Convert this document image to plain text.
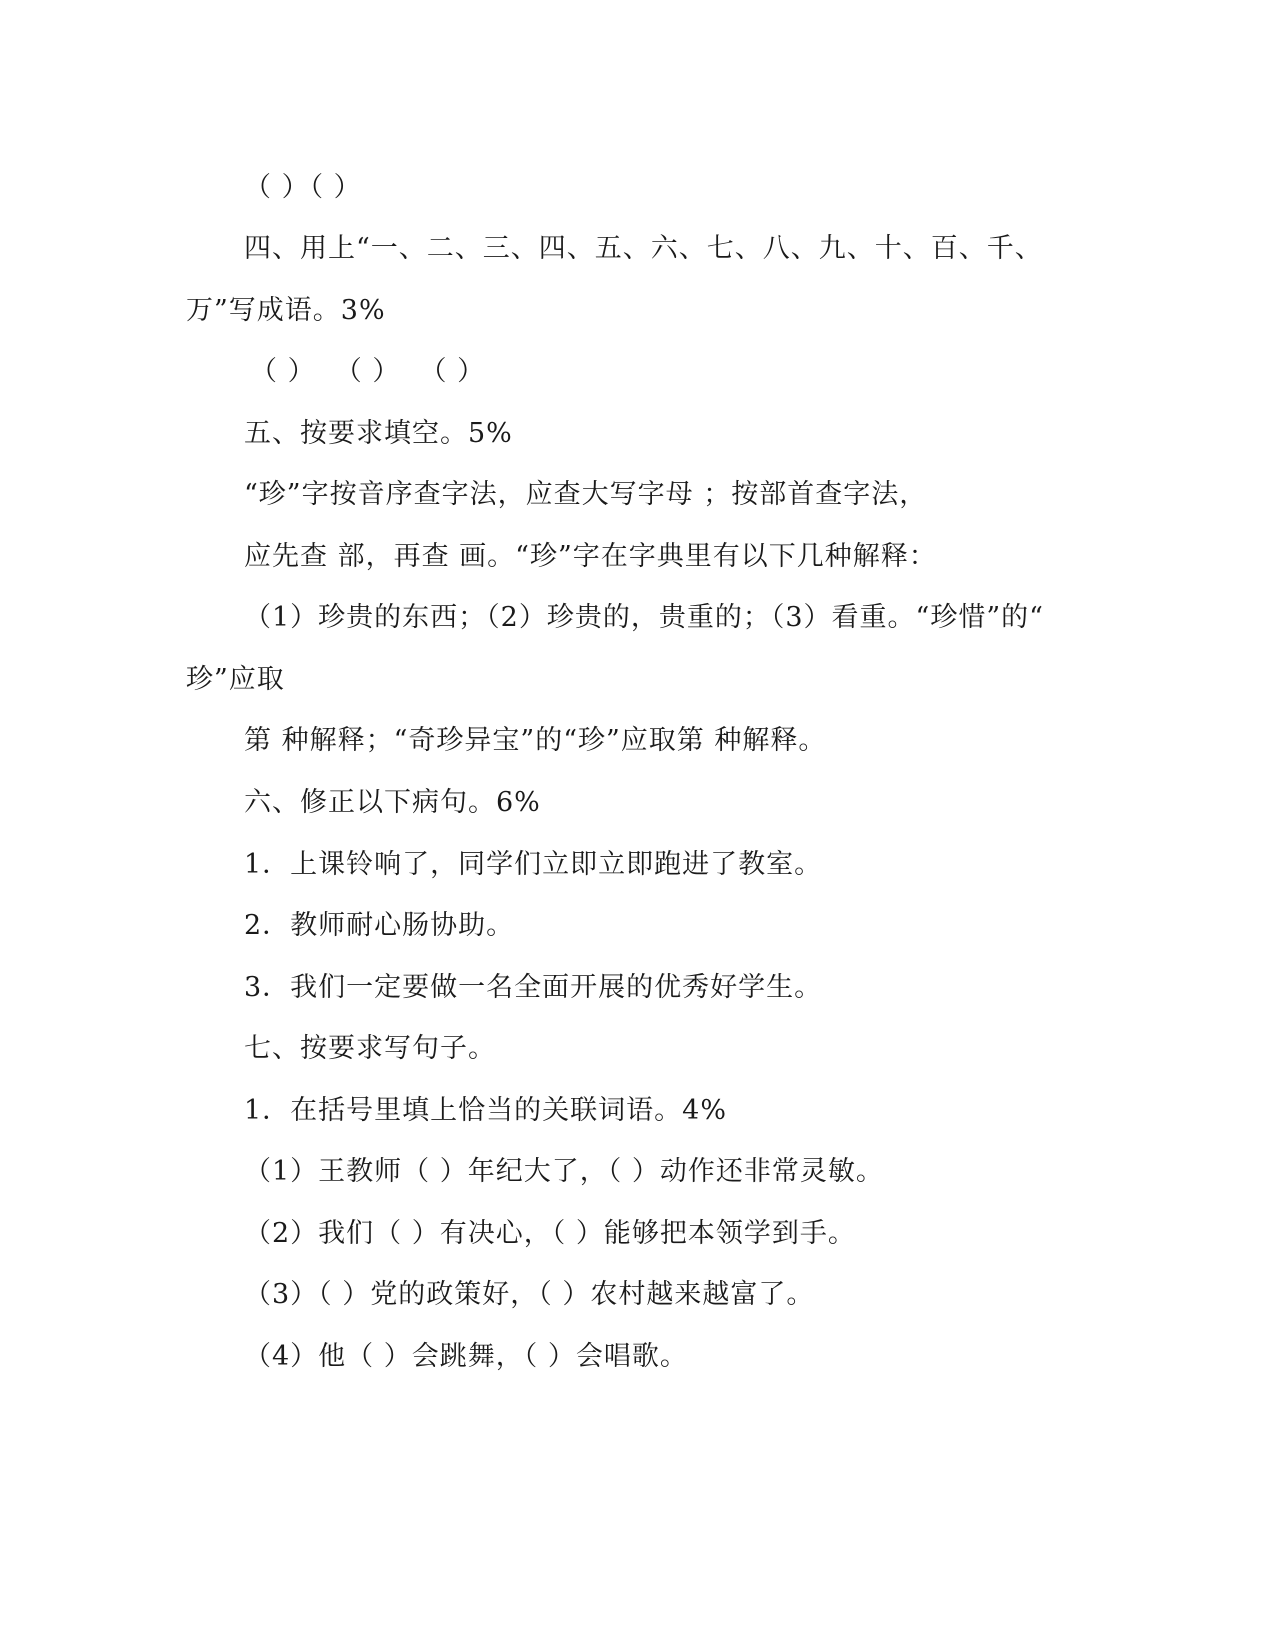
（ ）（ ）
四、用上“一、二、三、四、五、六、七、八、九、十、百、千、
万”写成语。3%
（ ）  （ ）  （ ）
五、按要求填空。5%
“珍”字按音序查字法，应查大写字母 ；按部首查字法，
应先查 部，再查 画。“珍”字在字典里有以下几种解释：
（1）珍贵的东西；（2）珍贵的，贵重的；（3）看重。“珍惜”的“
珍”应取
第 种解释；“奇珍异宝”的“珍”应取第 种解释。
六、修正以下病句。6%
1．上课铃响了，同学们立即立即跑进了教室。
2．教师耐心肠协助。
3．我们一定要做一名全面开展的优秀好学生。
七、按要求写句子。
1．在括号里填上恰当的关联词语。4%
（1）王教师（ ）年纪大了，（ ）动作还非常灵敏。
（2）我们（ ）有决心，（ ）能够把本领学到手。
（3）（ ）党的政策好，（ ）农村越来越富了。
（4）他（ ）会跳舞，（ ）会唱歌。
